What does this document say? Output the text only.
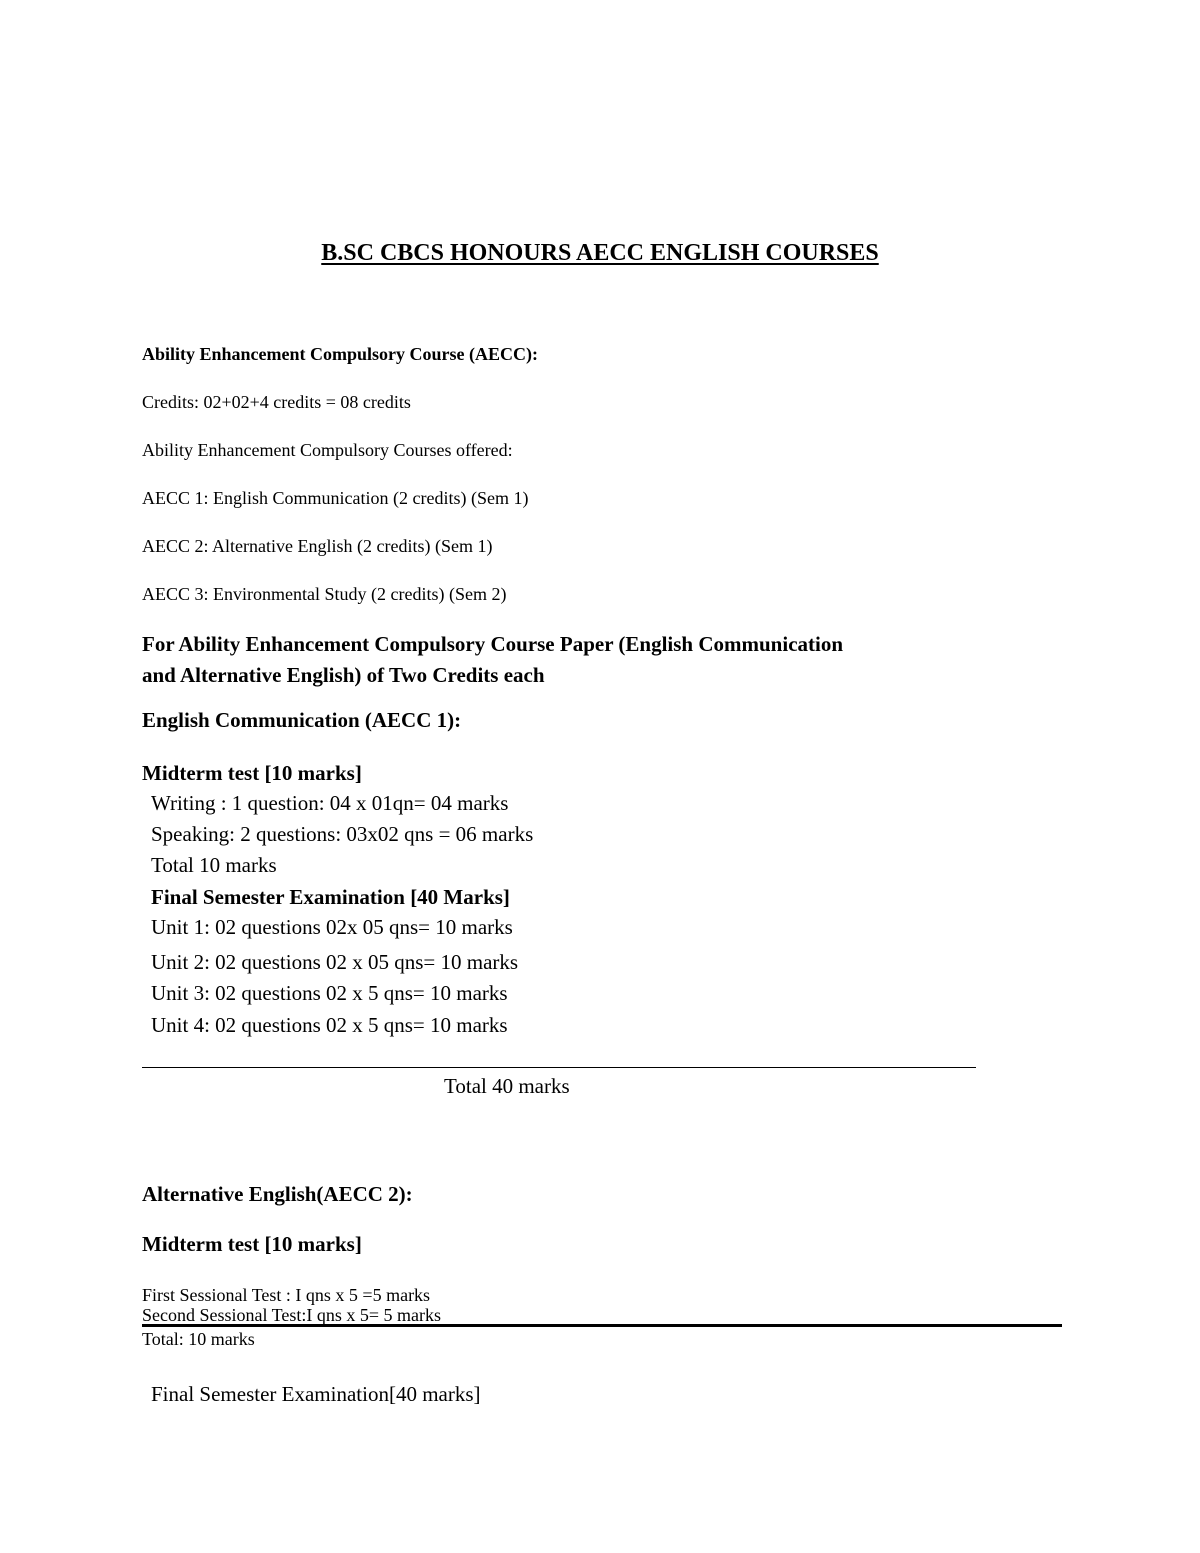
B.SC CBCS HONOURS AECC ENGLISH COURSES
Ability Enhancement Compulsory Course (AECC):
Credits: 02+02+4 credits = 08 credits
Ability Enhancement Compulsory Courses offered:
AECC 1: English Communication (2 credits) (Sem 1)
AECC 2: Alternative English (2 credits) (Sem 1)
AECC 3: Environmental Study (2 credits) (Sem 2)
For Ability Enhancement Compulsory Course Paper (English Communication
and Alternative English) of Two Credits each
English Communication (AECC 1):
Midterm test [10 marks]
Writing : 1 question: 04 x 01qn= 04 marks
Speaking: 2 questions: 03x02 qns = 06 marks
Total 10 marks
Final Semester Examination [40 Marks]
Unit 1: 02 questions 02x 05 qns= 10 marks
Unit 2: 02 questions 02 x 05 qns= 10 marks
Unit 3: 02 questions 02 x 5 qns= 10 marks
Unit 4: 02 questions 02 x 5 qns= 10 marks
Total 40 marks
Alternative English(AECC 2):
Midterm test [10 marks]
First Sessional Test : I qns x 5 =5 marks
Second Sessional Test:I qns x 5= 5 marks
Total: 10 marks
Final Semester Examination[40 marks]
